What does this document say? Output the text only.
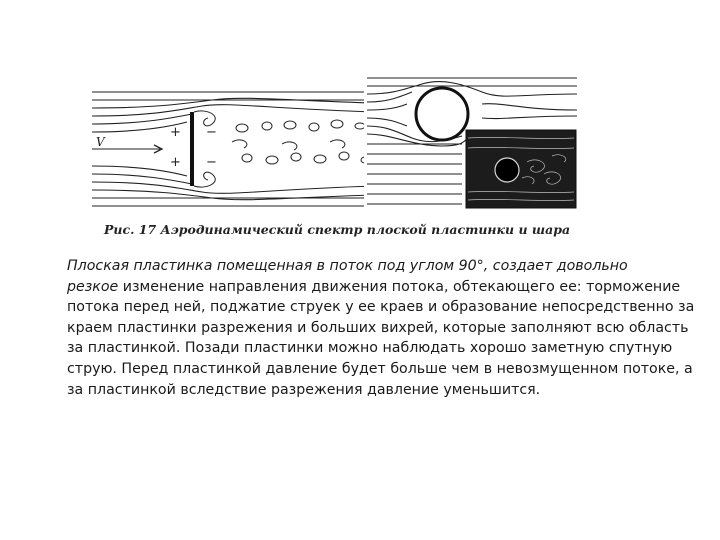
+
+
−
−
V
Рис. 17 Аэродинамический спектр плоской пластинки и шара

Плоская пластинка помещенная в поток под углом 90°, создает довольно
резкое изменение направления движения потока, обтекающего ее: торможение
потока перед ней, поджатие струек у ее краев и образование непосредственно за
краем пластинки разрежения и больших вихрей, которые заполняют всю область
за пластинкой. Позади пластинки можно наблюдать хорошо заметную спутную
струю. Перед пластинкой давление будет больше чем в невозмущенном потоке, а
за пластинкой вследствие разрежения давление уменьшится.
